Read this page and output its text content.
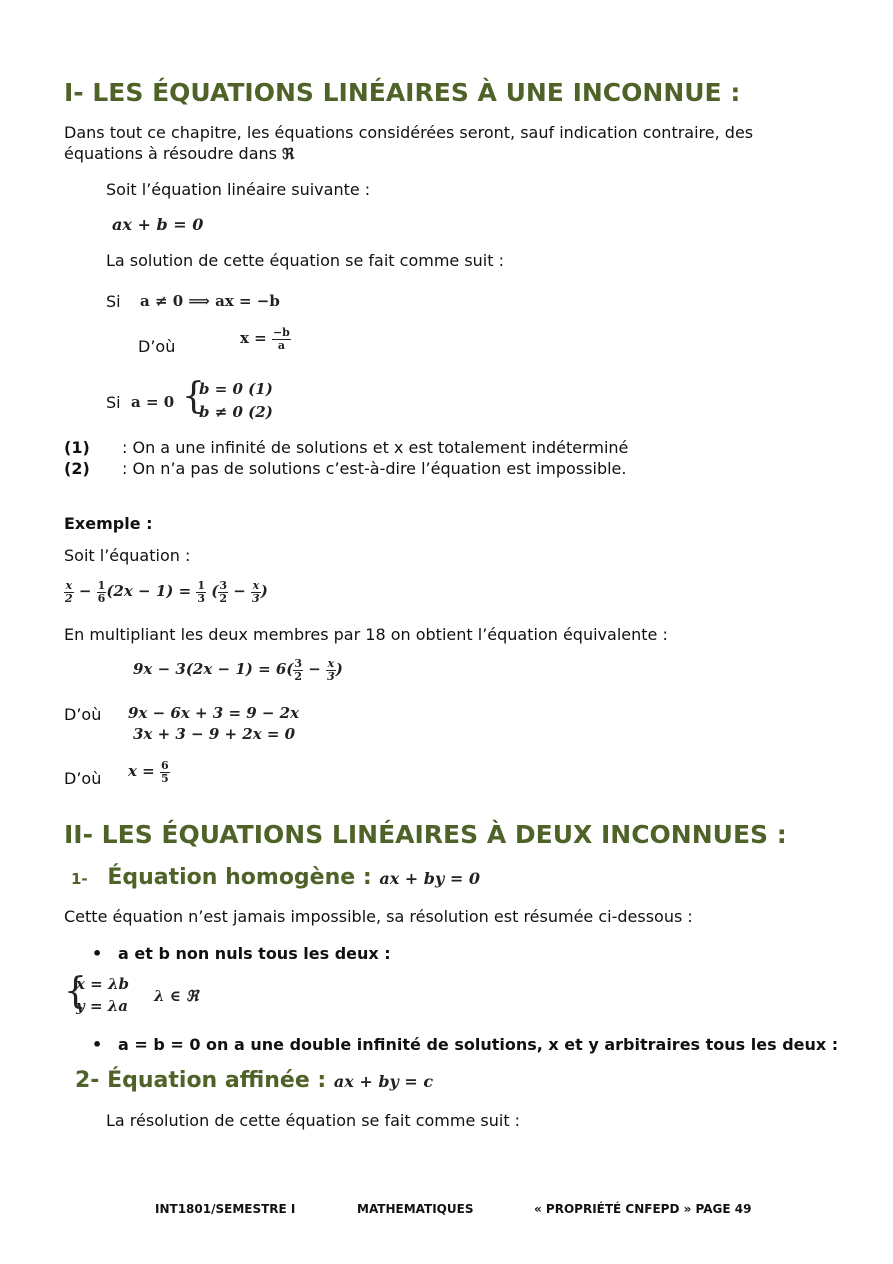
I- LES ÉQUATIONS LINÉAIRES À UNE INCONNUE :
Dans tout ce chapitre, les équations considérées seront, sauf indication contraire, des
équations à résoudre dans ℜ
Soit l’équation linéaire suivante :
ax + b = 0
La solution de cette équation se fait comme suit :
Si a ≠ 0 ⟹ ax = −b
D’où	$x = \frac{-b}{a}$
Si a = 0 {
b = 0 (1)
b ≠ 0 (2)
(1) : On a une infinité de solutions et x est totalement indéterminé
(2) : On n’a pas de solutions c’est-à-dire l’équation est impossible.
Exemple :
Soit l’équation :
$\frac{x}{2} - \frac{1}{6} (2x - 1) = \frac{1}{3}$ ( $\frac{3}{2} - \frac{x}{3}$ )
En multipliant les deux membres par 18 on obtient l’équation équivalente :
$9x - 3(2x - 1) = 6( \frac{3}{2} - \frac{x}{3}$ )
D’où 9x − 6x + 3 = 9 − 2x
3x + 3 − 9 + 2x = 0
D’où $x = \frac{6}{5}$
II- LES ÉQUATIONS LINÉAIRES À DEUX INCONNUES :
1- Équation homogène : ax + by = 0
Cette équation n’est jamais impossible, sa résolution est résumée ci-dessous :
• a et b non nuls tous les deux :
{
x = λb
y = λa
λ ∈ ℜ
• a = b = 0 on a une double infinité de solutions, x et y arbitraires tous les deux :
2- Équation affinée : ax + by = c
La résolution de cette équation se fait comme suit :
INT1801/SEMESTRE I	MATHEMATIQUES	« PROPRIÉTÉ CNFEPD » PAGE 49
